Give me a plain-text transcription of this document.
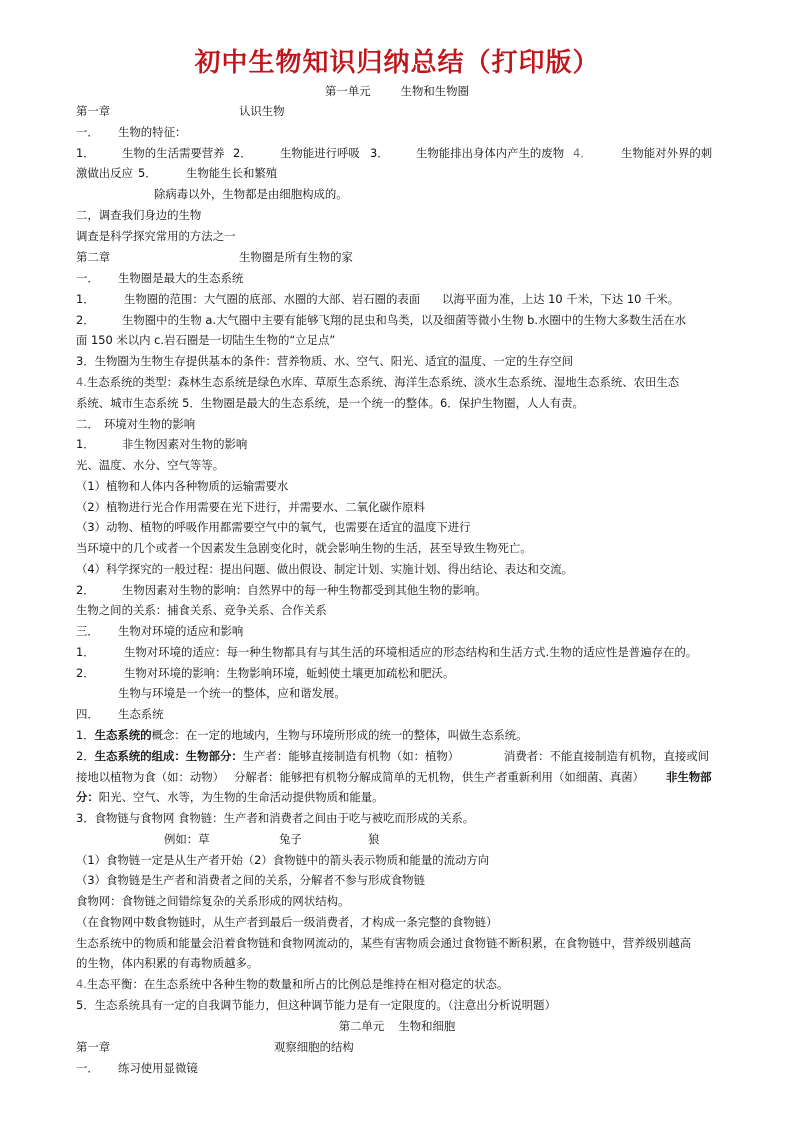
初中生物知识归纳总结（打印版）
第一单元	生物和生物圈
第一章	认识生物
一． 生物的特征：
1． 生物的生活需要营养 2． 生物能进行呼吸 3． 生物能排出身体内产生的废物 4．	生物能对外界的刺
激做出反应 5．	生物能生长和繁殖
除病毒以外，生物都是由细胞构成的。
二，调查我们身边的生物
调查是科学探究常用的方法之一
第二章	生物圈是所有生物的家
一． 生物圈是最大的生态系统
1．	生物圈的范围：大气圈的底部、水圈的大部、岩石圈的表面 以海平面为准，上达 10 千米，下达 10 千米。
2． 生物圈中的生物 a.大气圈中主要有能够飞翔的昆虫和鸟类，以及细菌等微小生物 b.水圈中的生物大多数生活在水
面 150 米以内 c.岩石圈是一切陆生生物的“立足点”
3．生物圈为生物生存提供基本的条件：营养物质、水、空气、阳光、适宜的温度、一定的生存空间
4.生态系统的类型：森林生态系统是绿色水库、草原生态系统、海洋生态系统、淡水生态系统、湿地生态系统、农田生态
系统、城市生态系统 5．生物圈是最大的生态系统，是一个统一的整体。6．保护生物圈，人人有责。
二． 环境对生物的影响
1． 非生物因素对生物的影响
光、温度、水分、空气等等。
（1）植物和人体内各种物质的运输需要水
（2）植物进行光合作用需要在光下进行，并需要水、二氧化碳作原料
（3）动物、植物的呼吸作用都需要空气中的氧气，也需要在适宜的温度下进行
当环境中的几个或者一个因素发生急剧变化时，就会影响生物的生活，甚至导致生物死亡。
（4）科学探究的一般过程：提出问题、做出假设、制定计划、实施计划、得出结论、表达和交流。
2． 生物因素对生物的影响：自然界中的每一种生物都受到其他生物的影响。
生物之间的关系：捕食关系、竞争关系、合作关系
三． 生物对环境的适应和影响
1．	生物对环境的适应：每一种生物都具有与其生活的环境相适应的形态结构和生活方式.生物的适应性是普遍存在的。
2．	生物对环境的影响：生物影响环境，蚯蚓使土壤更加疏松和肥沃。
生物与环境是一个统一的整体，应和谐发展。
四． 生态系统
1．生态系统的概念：在一定的地域内，生物与环境所形成的统一的整体，叫做生态系统。
2．生态系统的组成：生物部分：生产者：能够直接制造有机物（如：植物）	消费者：不能直接制造有机物，直接或间
接地以植物为食（如：动物） 分解者：能够把有机物分解成简单的无机物，供生产者重新利用（如细菌、真菌） 非生物部
分：阳光、空气、水等，为生物的生命活动提供物质和能量。
3．食物链与食物网 食物链：生产者和消费者之间由于吃与被吃而形成的关系。
例如：草	兔子	狼
（1）食物链一定是从生产者开始（2）食物链中的箭头表示物质和能量的流动方向
（3）食物链是生产者和消费者之间的关系，分解者不参与形成食物链
食物网：食物链之间错综复杂的关系形成的网状结构。
（在食物网中数食物链时，从生产者到最后一级消费者，才构成一条完整的食物链）
生态系统中的物质和能量会沿着食物链和食物网流动的，某些有害物质会通过食物链不断积累，在食物链中，营养级别越高
的生物，体内积累的有毒物质越多。
4.生态平衡：在生态系统中各种生物的数量和所占的比例总是维持在相对稳定的状态。
5．生态系统具有一定的自我调节能力，但这种调节能力是有一定限度的。（注意出分析说明题）
第二单元 生物和细胞
第一章	观察细胞的结构
一． 练习使用显微镜
